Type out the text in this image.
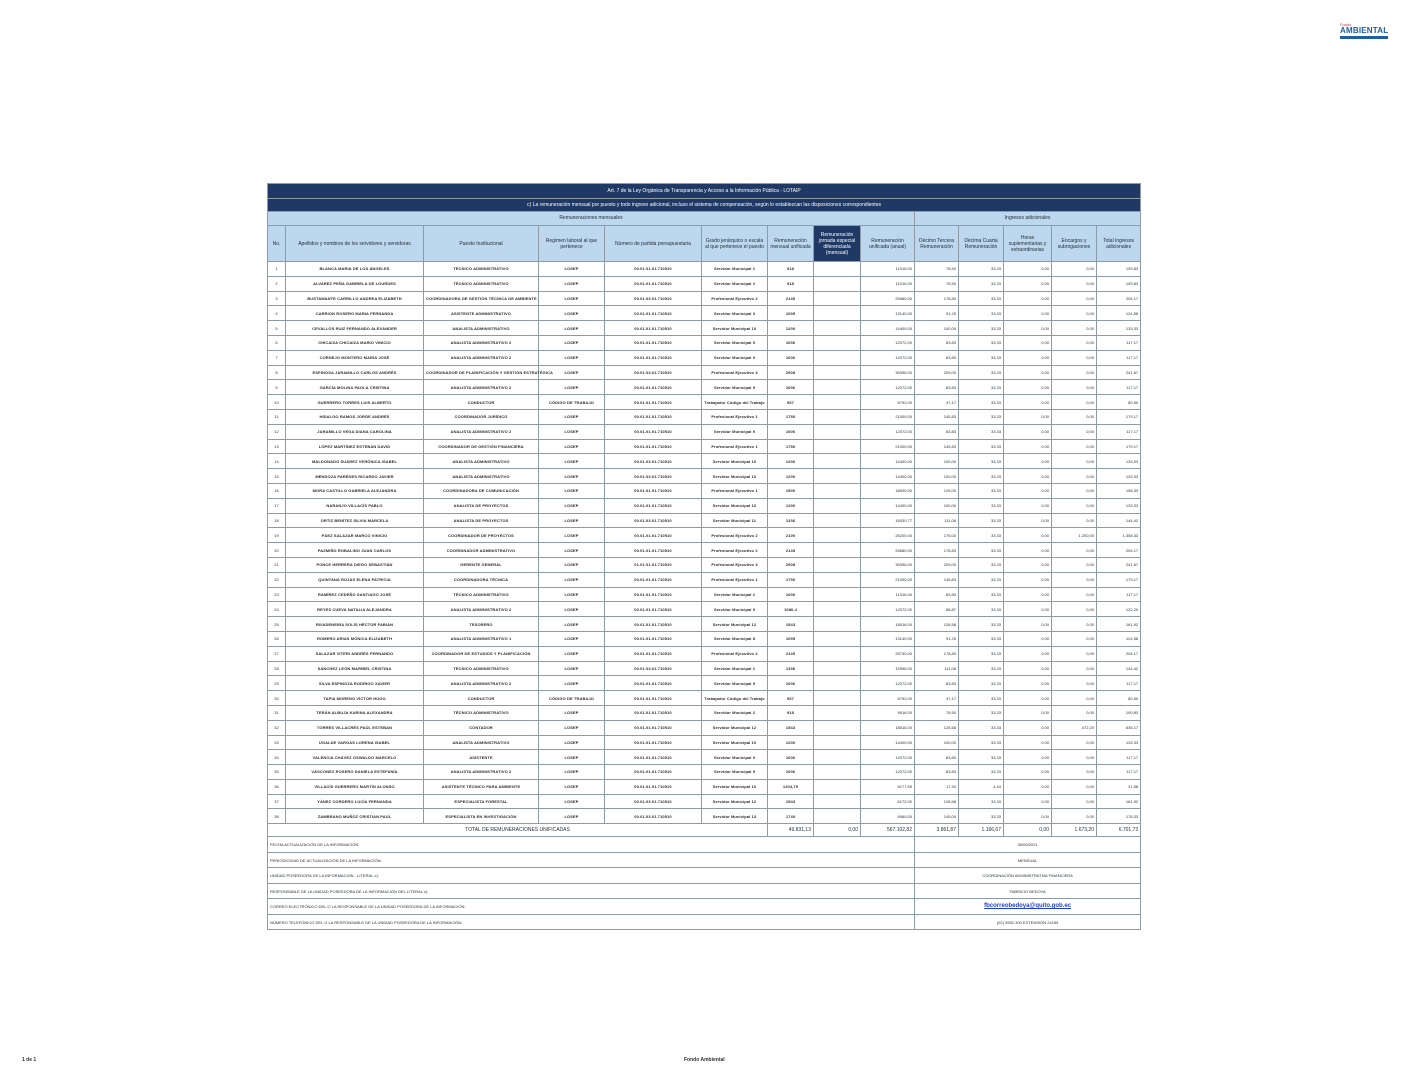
Fondo
AMBIENTAL
Art. 7 de la Ley Orgánica de Transparencia y Acceso a la Información Pública - LOTAIP													
c) La remuneración mensual por puesto y todo ingreso adicional, incluso el sistema de compensación, según lo establezcan las disposiciones correspondientes													
Remuneraciones mensuales									Ingresos adicionales				
No.	Apellidos y nombres de los servidores y servidoras	Puesto Institucional	Regimen laboral al que pertenece	Número de partida presupuestaria	Grado jerárquico o escala al que pertenece el puesto	Remuneración mensual unificada	Remuneración jornada especial diferenciada (mensual)	Remuneración unificada (anual)	Décimo Tercera Remuneración	Décima Cuarta Remuneración	Horas suplementarias y extraordinarias	Encargos y subrogaciones	Total ingresos adicionales
1	BLANCA MARIA DE LOS ÁNGELES	TÉCNICO ADMINISTRATIVO	LOSEP	00.01.01.01.710510	Servidor Municipal 2	918		11016,00	76,50	33,33	0,00	0,00	109,83
2	ALVAREZ PEÑA GABRIELA DE LOURDES	TÉCNICO ADMINISTRATIVO	LOSEP	00.01.01.01.710510	Servidor Municipal 2	918		11016,00	76,50	33,33	0,00	0,00	109,83
3	BUSTAMANTE CARRILLO ANDREA ELIZABETH	COORDINADORA DE GESTIÓN TÉCNICA DE AMBIENTE	LOSEP	00.01.03.01.710510	Profesional Ejecutivo 2	2145		25680,00	178,83	33,33	0,00	0,00	204,17
4	CARRION ROSERO MARIA FERNANDA	ASISTENTE ADMINISTRATIVO	LOSEP	00.01.01.01.710510	Servidor Municipal 3	1095		13140,00	91,25	33,33	0,00	0,00	124,58
5	CEVALLOS RUIZ FERNANDO ALEXANDER	ANALISTA ADMINISTRATIVO	LOSEP	00.01.01.01.710510	Servidor Municipal 10	1200		14400,00	100,00	33,33	0,00	0,00	133,33
6	CHICAIZA CHICAIZA MARIO VINICIO	ANALISTA ADMINISTRATIVO 2	LOSEP	00.01.01.01.710510	Servidor Municipal 9	1006		12072,00	83,83	33,33	0,00	0,00	117,17
7	CORNEJO MONTERO MARÍA JOSÉ	ANALISTA ADMINISTRATIVO 2	LOSEP	00.01.01.01.710510	Servidor Municipal 9	1006		12072,00	83,83	33,33	0,00	0,00	117,17
8	ESPINOSA JARAMILLO CARLOS ANDRÉS	COORDINADOR DE PLANIFICACIÓN Y GESTIÓN ESTRATÉGICA	LOSEP	00.01.03.01.710510	Profesional Ejecutivo 3	2508		30096,00	209,00	33,33	0,00	0,00	241,67
9	GARCÍA MOLINA PAOLA CRISTINA	ANALISTA ADMINISTRATIVO 2	LOSEP	00.01.01.01.710510	Servidor Municipal 9	1006		12072,00	83,83	33,33	0,00	0,00	117,17
10	GUERRERO TORRES LUIS ALBERTO	CONDUCTOR	CÓDIGO DE TRABAJO	00.01.01.01.710510	Trabajador Código del Trabajo	567		6792,00	47,17	33,33	0,00	0,00	80,50
11	HIDALGO RAMOS JORGE ANDRÉS	COORDINADOR JURÍDICO	LOSEP	00.01.01.01.710510	Profesional Ejecutivo 1	1750		21000,00	145,83	33,33	0,00	0,00	179,17
12	JARAMILLO VEGA DIANA CAROLINA	ANALISTA ADMINISTRATIVO 2	LOSEP	00.01.01.01.710510	Servidor Municipal 9	1006		12072,00	83,83	33,33	0,00	0,00	117,17
13	LÓPEZ MARTÍNEZ ESTEBAN DAVID	COORDINADOR DE GESTIÓN FINANCIERA	LOSEP	00.01.01.01.710510	Profesional Ejecutivo 1	1750		21000,00	145,83	33,33	0,00	0,00	179,17
14	MALDONADO SUÁREZ VERÓNICA ISABEL	ANALISTA ADMINISTRATIVO	LOSEP	00.01.03.01.710510	Servidor Municipal 10	1200		14400,00	100,00	33,33	0,00	0,00	133,33
15	MENDOZA PAREDES RICARDO JAVIER	ANALISTA ADMINISTRATIVO	LOSEP	00.01.03.01.710510	Servidor Municipal 10	1200		14400,00	100,00	33,33	0,00	0,00	133,33
16	MORA CASTILLO GABRIELA ALEJANDRA	COORDINADORA DE COMUNICACIÓN	LOSEP	00.01.01.01.710510	Profesional Ejecutivo 1	1500		18000,00	125,00	33,33	0,00	0,00	158,33
17	NARANJO VILLACÍS PABLO	ANALISTA DE PROYECTOS	LOSEP	00.01.01.01.710510	Servidor Municipal 10	1200		14400,00	100,00	33,33	0,00	0,00	133,33
18	ORTIZ BENÍTEZ SILVIA MARCELA	ANALISTA DE PROYECTOS	LOSEP	00.01.03.01.710510	Servidor Municipal 11	1336		16030,77	111,08	33,33	0,00	0,00	144,42
19	PÁEZ SALAZAR MARCO VINICIO	COORDINADOR DE PROYECTOS	LOSEP	00.01.01.01.710510	Profesional Ejecutivo 2	2100		25200,00	175,00	33,33	0,00	1.200,00	1.358,33
20	PAZMIÑO ROBALINO JUAN CARLOS	COORDINADOR ADMINISTRATIVO	LOSEP	00.01.01.01.710510	Profesional Ejecutivo 2	2145		25680,00	178,83	33,33	0,00	0,00	204,17
21	PONCE HERRERA DIEGO SEBASTIÁN	GERENTE GENERAL	LOSEP	01.01.01.01.710510	Profesional Ejecutivo 3	2508		30096,00	209,00	33,33	0,00	0,00	241,67
22	QUINTANA ROJAS ELENA PATRICIA	COORDINADORA TÉCNICA	LOSEP	00.01.01.01.710510	Profesional Ejecutivo 1	1750		21000,00	145,83	33,33	0,00	0,00	179,17
23	RAMÍREZ CEDEÑO SANTIAGO JOSÉ	TÉCNICO ADMINISTRATIVO	LOSEP	00.01.01.01.710510	Servidor Municipal 2	1006		11016,00	83,83	33,33	0,00	0,00	117,17
24	REYES CUEVA NATALIA ALEJANDRA	ANALISTA ADMINISTRATIVO 2	LOSEP	00.01.01.01.710510	Servidor Municipal 9	1086,4		12072,00	88,87	33,33	0,00	0,00	122,20
25	RIVADENEIRA SOLÍS HÉCTOR FABIÁN	TESORERO	LOSEP	00.01.01.01.710510	Servidor Municipal 12	1543		18516,00	128,58	33,33	0,00	0,00	161,92
26	ROMERO ARIAS MÓNICA ELIZABETH	ANALISTA ADMINISTRATIVO 1	LOSEP	00.01.01.01.710510	Servidor Municipal 8	1095		13140,00	91,25	33,33	0,00	0,00	124,58
27	SALAZAR VITERI ANDRÉS FERNANDO	COORDINADOR DE ESTUDIOS Y PLANIFICACIÓN	LOSEP	00.01.01.01.710510	Profesional Ejecutivo 2	2145		25740,00	178,83	33,33	0,00	0,00	204,17
28	SÁNCHEZ LEÓN MARIBEL CRISTINA	TÉCNICO ADMINISTRATIVO	LOSEP	00.01.03.01.710510	Servidor Municipal 2	1336		15996,00	111,08	33,33	0,00	0,00	144,42
29	SILVA ESPINOZA RODRIGO XAVIER	ANALISTA ADMINISTRATIVO 2	LOSEP	00.01.01.01.710510	Servidor Municipal 9	1006		12072,00	83,83	33,33	0,00	0,00	117,17
30	TAPIA MORENO VÍCTOR HUGO	CONDUCTOR	CÓDIGO DE TRABAJO	00.01.01.01.710510	Trabajador Código del Trabajo	567		6792,00	47,17	33,33	0,00	0,00	80,50
31	TERÁN ALBUJA KARINA ALEXANDRA	TÉCNICO ADMINISTRATIVO	LOSEP	00.01.01.01.710510	Servidor Municipal 2	918		9916,00	76,50	33,33	0,00	0,00	109,83
32	TORRES VILLACRÉS PAÚL ESTEBAN	CONTADOR	LOSEP	00.01.01.01.710510	Servidor Municipal 12	1543		18516,00	128,58	33,33	0,00	472,20	635,17
33	UGALDE VARGAS LORENA ISABEL	ANALISTA ADMINISTRATIVO	LOSEP	00.01.01.01.710510	Servidor Municipal 10	1200		14400,00	100,00	33,33	0,00	0,00	133,33
34	VALENCIA CHÁVEZ OSWALDO MARCELO	ASISTENTE	LOSEP	00.01.01.01.710510	Servidor Municipal 9	1006		12072,00	83,83	33,33	0,00	0,00	117,17
35	VÁSCONEZ ROSERO DANIELA ESTEFANÍA	ANALISTA ADMINISTRATIVO 2	LOSEP	00.01.01.01.710510	Servidor Municipal 9	1006		12072,00	83,83	33,33	0,00	0,00	117,17
36	VILLACÍS GUERRERO MARTÍN ALONSO	ASISTENTE TÉCNICO PARA AMBIENTE	LOSEP	00.01.01.01.710510	Servidor Municipal 10	1204,79		6177,59	17,34	4,44	0,00	0,00	21,58
37	YÁNEZ CORDERO LUCÍA FERNANDA	ESPECIALISTA FORESTAL	LOSEP	00.01.03.01.710510	Servidor Municipal 12	1543		6172,00	128,58	33,33	0,00	0,00	161,92
38	ZAMBRANO MUÑOZ CRISTIAN PAÚL	ESPECIALISTA EN INVESTIGACIÓN	LOSEP	00.01.03.01.710510	Servidor Municipal 13	1740		6960,00	145,00	33,33	0,00	0,00	178,33
TOTAL DE REMUNERACIONES UNIFICADAS						49.831,13	0,00	567.102,82	3.861,87	1.166,67	0,00	1.673,20	6.701,73
FECHA ACTUALIZACIÓN DE LA INFORMACIÓN:									30/09/2021				
PERIODICIDAD DE ACTUALIZACIÓN DE LA INFORMACIÓN:									MENSUAL				
UNIDAD POSEEDORA DE LA INFORMACION - LITERAL c):									COORDINACIÓN ADMINISTRATIVA FINANCIERA				
RESPONSABLE DE LA UNIDAD POSEEDORA DE LA INFORMACIÓN DEL LITERAL c):									FABRICIO BEDOYA				
CORREO ELECTRÓNICO DEL O LA RESPONSABLE DE LA UNIDAD POSEEDORA DE LA INFORMACIÓN:									fbcorreobedoya@quito.gob.ec				
NÚMERO TELEFÓNICO DEL O LA RESPONSABLE DE LA UNIDAD POSEEDORA DE LA INFORMACIÓN:									(02) 3952-300 EXTENSIÓN 24155				
1 de 1	Fondo Ambiental
